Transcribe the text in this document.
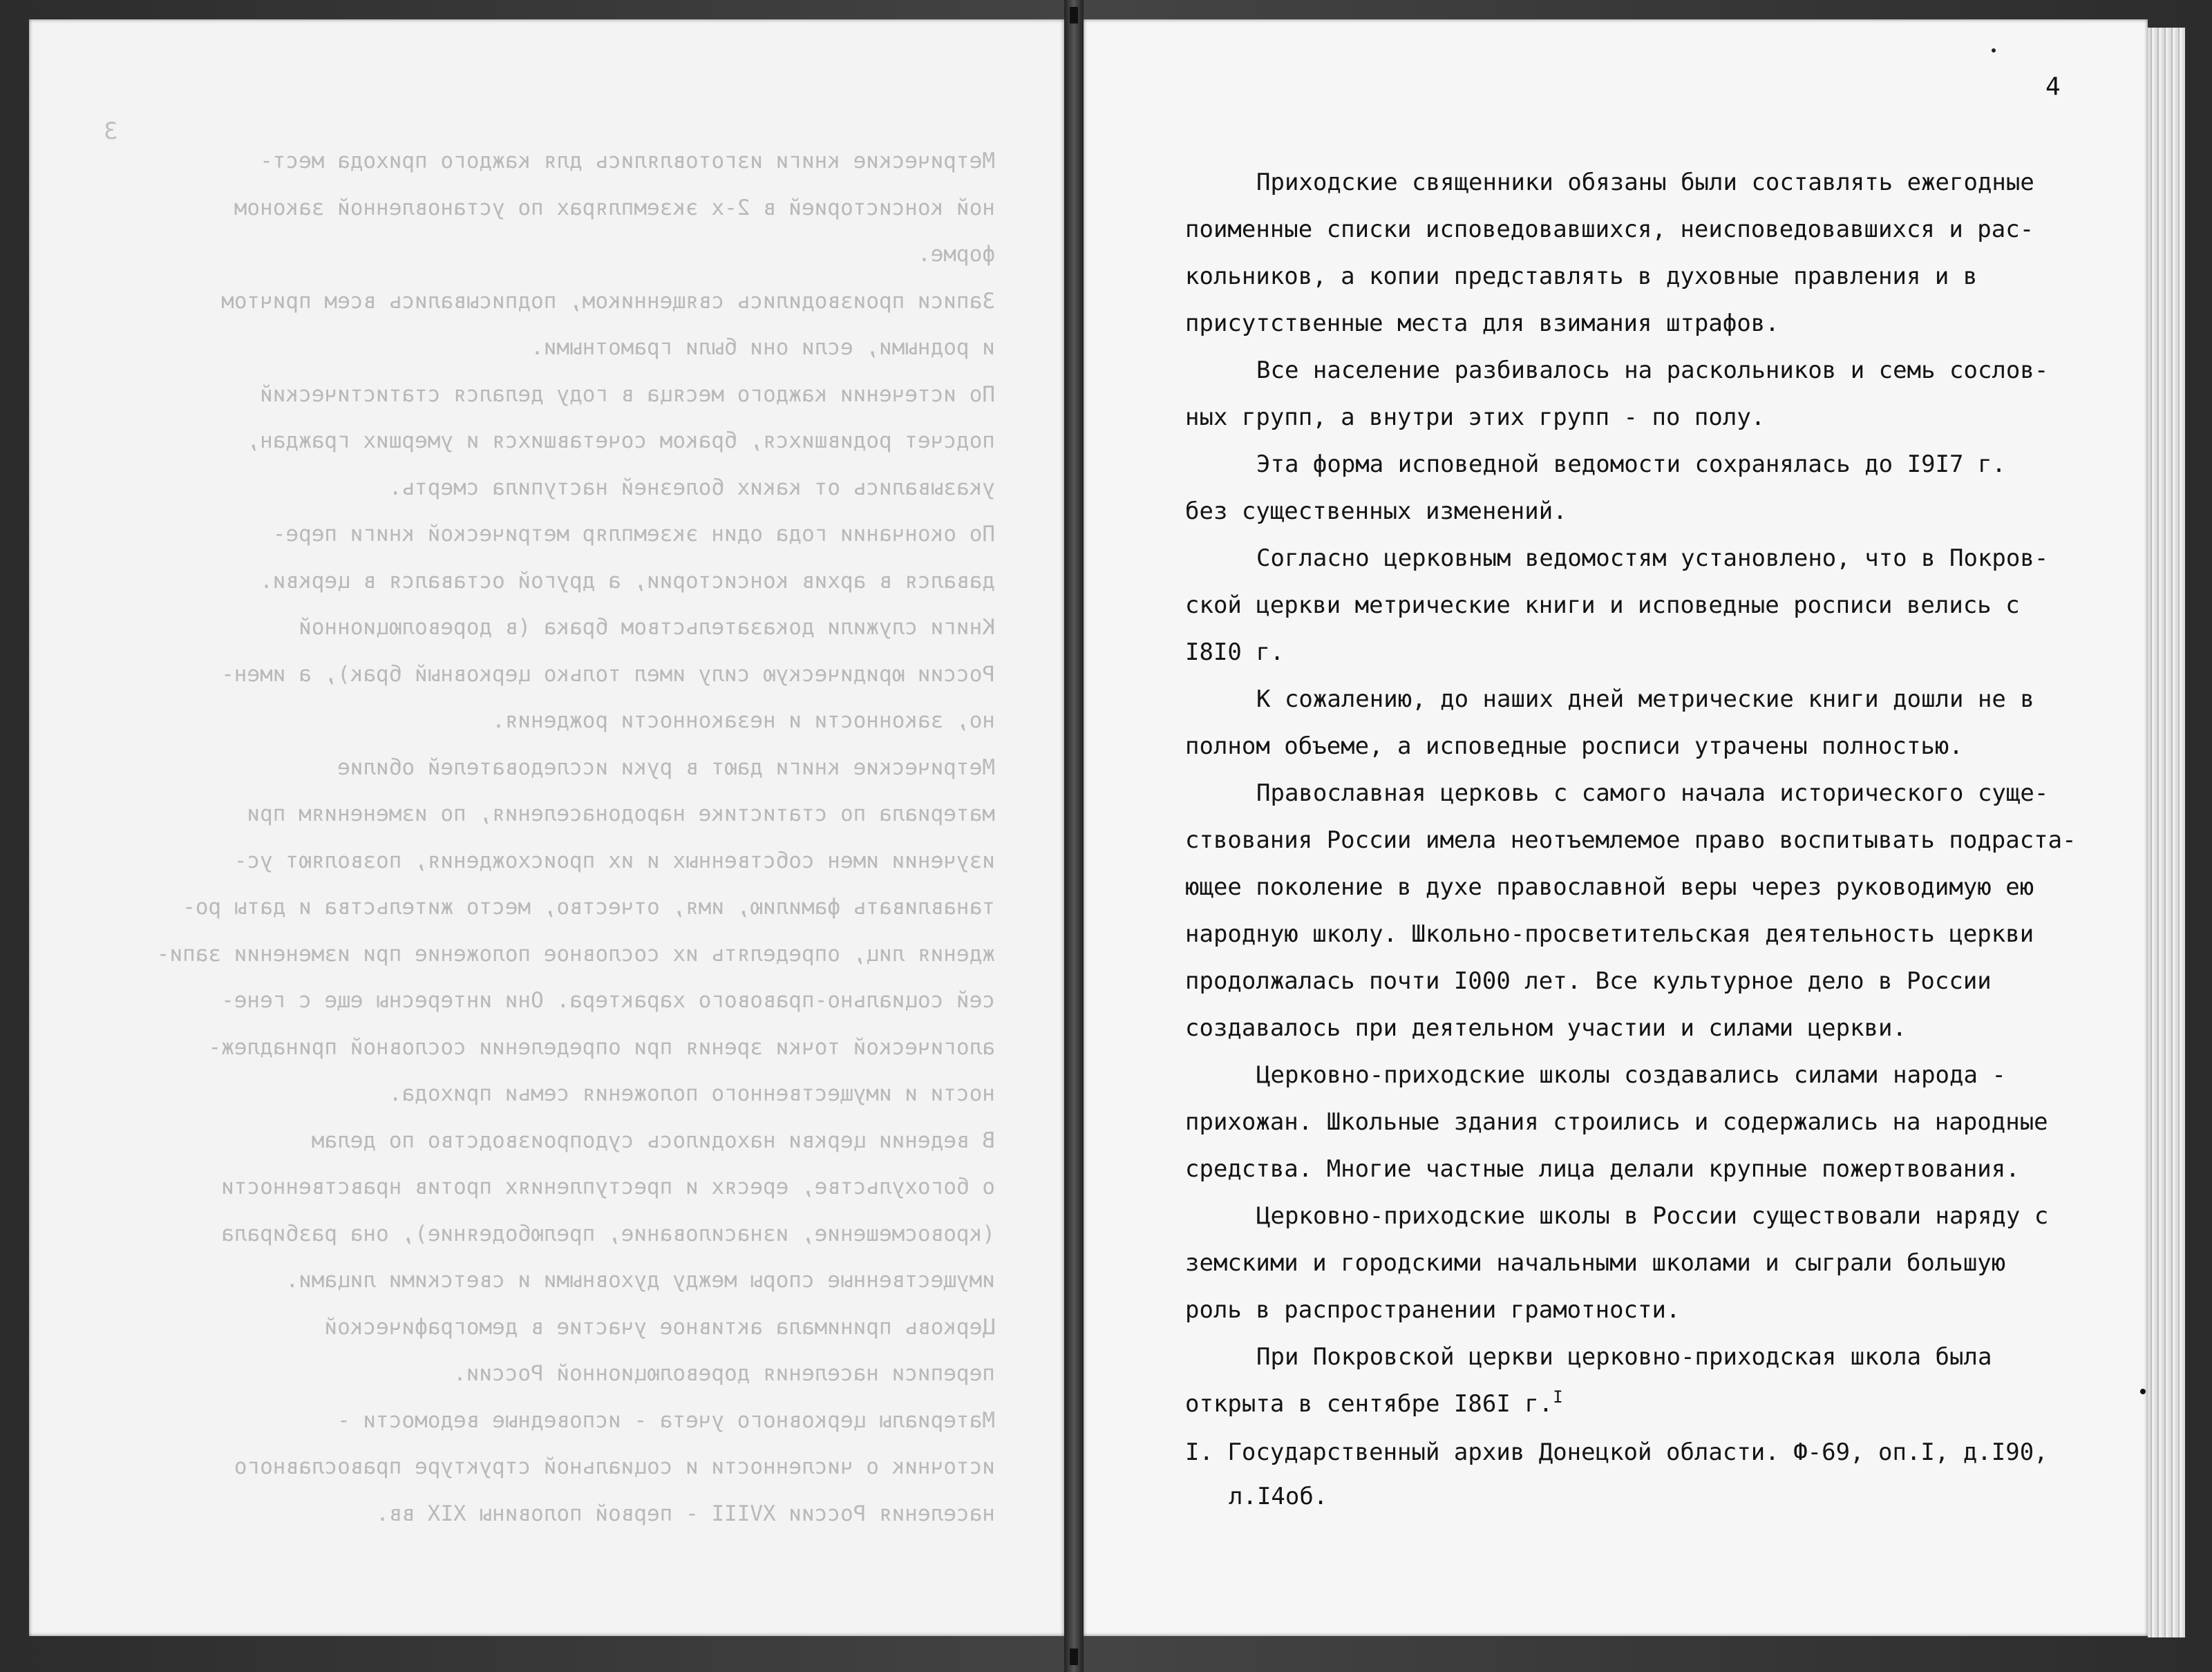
3
Метрические книги изготовлялись для каждого прихода мест-
ной консисторией в 2-х экземплярах по установленной законом
форме.
Записи производились священником, подписывались всем причтом
и родными, если они были грамотными.
По истечении каждого месяца в году делался статистический
подсчет родившихся, браком сочетавшихся и умерших граждан,
указывались от каких болезней наступила смерть.
По окончании года один экземпляр метрической книги пере-
давался в архив консистории, а другой оставался в церкви.
Книги служили доказательством брака (в дореволюционной
России юридическую силу имел только церковный брак), а имен-
но, законности и незаконности рождения.
Метрические книги дают в руки исследователей обилие
материала по статистике народонаселения, по изменениям при
изучении имен собственных и их происхождения, позволяют ус-
танавливать фамилию, имя, отчество, место жительства и даты ро-
ждения лиц, определять их сословное положение при изменении запи-
сей социально-правового характера. Они интересны еще с гене-
алогической точки зрения при определении сословной принадлеж-
ности и имущественного положения семьи прихода.
В ведении церкви находилось судопроизводство по делам
о богохульстве, ересях и преступлениях против нравственности
(кровосмешение, изнасилование, прелюбодеяние), она разбирала
имущественные споры между духовными и светскими лицами.
Церковь принимала активное участие в демографической
переписи населения дореволюционной России.
Материалы церковного учета - исповедные ведомости -
источник о численности и социальной структуре православного
населения России XVIII - первой половины XIX вв.
4
Приходские священники обязаны были составлять ежегодные
поименные списки исповедовавшихся, неисповедовавшихся и рас-
кольников, а копии представлять в духовные правления и в
присутственные места для взимания штрафов.
Все население разбивалось на раскольников и семь сослов-
ных групп, а внутри этих групп - по полу.
Эта форма исповедной ведомости сохранялась до I9I7 г.
без существенных изменений.
Согласно церковным ведомостям установлено, что в Покров-
ской церкви метрические книги и исповедные росписи велись с
I8I0 г.
К сожалению, до наших дней метрические книги дошли не в
полном объеме, а исповедные росписи утрачены полностью.
Православная церковь с самого начала исторического суще-
ствования России имела неотъемлемое право воспитывать подраста-
ющее поколение в духе православной веры через руководимую ею
народную школу. Школьно-просветительская деятельность церкви
продолжалась почти I000 лет. Все культурное дело в России
создавалось при деятельном участии и силами церкви.
Церковно-приходские школы создавались силами народа -
прихожан. Школьные здания строились и содержались на народные
средства. Многие частные лица делали крупные пожертвования.
Церковно-приходские школы в России существовали наряду с
земскими и городскими начальными школами и сыграли большую
роль в распространении грамотности.
При Покровской церкви церковно-приходская школа была
открыта в сентябре I86I г.$^I$
I. Государственный архив Донецкой области. Ф-69, оп.I, д.I90,
л.I4об.
